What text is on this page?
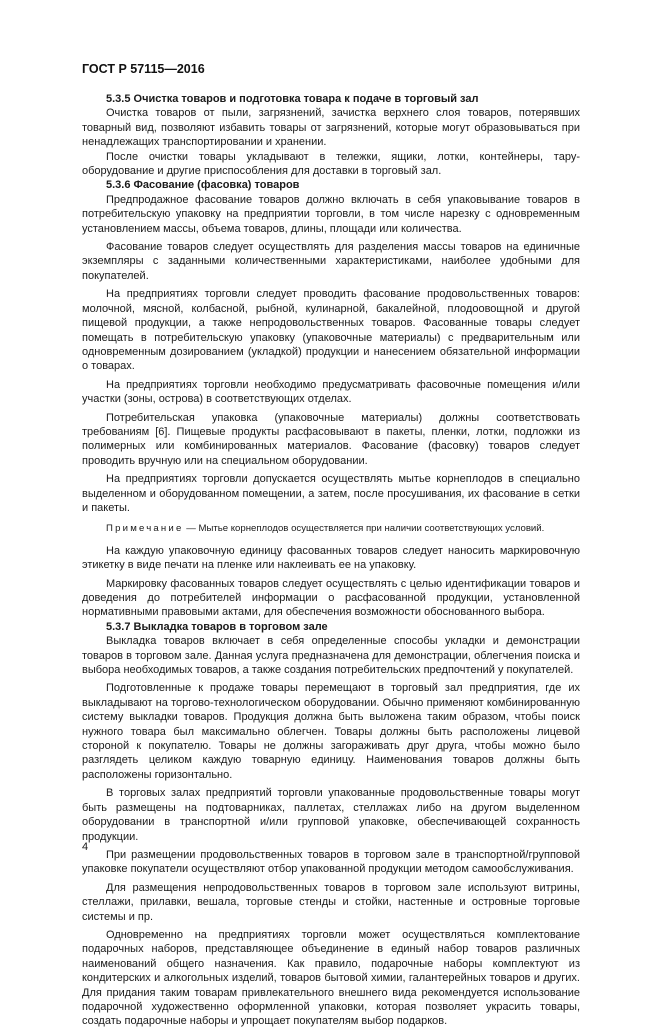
ГОСТ Р 57115—2016
5.3.5 Очистка товаров и подготовка товара к подаче в торговый зал

Очистка товаров от пыли, загрязнений, зачистка верхнего слоя товаров, потерявших товарный вид, позволяют избавить товары от загрязнений, которые могут образовываться при ненадлежащих транспортировании и хранении.

После очистки товары укладывают в тележки, ящики, лотки, контейнеры, тару-оборудование и другие приспособления для доставки в торговый зал.

5.3.6 Фасование (фасовка) товаров

Предпродажное фасование товаров должно включать в себя упаковывание товаров в потребительскую упаковку на предприятии торговли, в том числе нарезку с одновременным установлением массы, объема товаров, длины, площади или количества.

Фасование товаров следует осуществлять для разделения массы товаров на единичные экземпляры с заданными количественными характеристиками, наиболее удобными для покупателей.

На предприятиях торговли следует проводить фасование продовольственных товаров: молочной, мясной, колбасной, рыбной, кулинарной, бакалейной, плодоовощной и другой пищевой продукции, а также непродовольственных товаров. Фасованные товары следует помещать в потребительскую упаковку (упаковочные материалы) с предварительным или одновременным дозированием (укладкой) продукции и нанесением обязательной информации о товарах.

На предприятиях торговли необходимо предусматривать фасовочные помещения и/или участки (зоны, острова) в соответствующих отделах.

Потребительская упаковка (упаковочные материалы) должны соответствовать требованиям [6]. Пищевые продукты расфасовывают в пакеты, пленки, лотки, подложки из полимерных или комбинированных материалов. Фасование (фасовку) товаров следует проводить вручную или на специальном оборудовании.

На предприятиях торговли допускается осуществлять мытье корнеплодов в специально выделенном и оборудованном помещении, а затем, после просушивания, их фасование в сетки и пакеты.

Примечание — Мытье корнеплодов осуществляется при наличии соответствующих условий.

На каждую упаковочную единицу фасованных товаров следует наносить маркировочную этикетку в виде печати на пленке или наклеивать ее на упаковку.

Маркировку фасованных товаров следует осуществлять с целью идентификации товаров и доведения до потребителей информации о расфасованной продукции, установленной нормативными правовыми актами, для обеспечения возможности обоснованного выбора.

5.3.7 Выкладка товаров в торговом зале

Выкладка товаров включает в себя определенные способы укладки и демонстрации товаров в торговом зале. Данная услуга предназначена для демонстрации, облегчения поиска и выбора необходимых товаров, а также создания потребительских предпочтений у покупателей.

Подготовленные к продаже товары перемещают в торговый зал предприятия, где их выкладывают на торгово-технологическом оборудовании. Обычно применяют комбинированную систему выкладки товаров. Продукция должна быть выложена таким образом, чтобы поиск нужного товара был максимально облегчен. Товары должны быть расположены лицевой стороной к покупателю. Товары не должны загораживать друг друга, чтобы можно было разглядеть целиком каждую товарную единицу. Наименования товаров должны быть расположены горизонтально.

В торговых залах предприятий торговли упакованные продовольственные товары могут быть размещены на подтоварниках, паллетах, стеллажах либо на другом выделенном оборудовании в транспортной и/или групповой упаковке, обеспечивающей сохранность продукции.

При размещении продовольственных товаров в торговом зале в транспортной/групповой упаковке покупатели осуществляют отбор упакованной продукции методом самообслуживания.

Для размещения непродовольственных товаров в торговом зале используют витрины, стеллажи, прилавки, вешала, торговые стенды и стойки, настенные и островные торговые системы и пр.

Одновременно на предприятиях торговли может осуществляться комплектование подарочных наборов, представляющее объединение в единый набор товаров различных наименований общего назначения. Как правило, подарочные наборы комплектуют из кондитерских и алкогольных изделий, товаров бытовой химии, галантерейных товаров и других. Для придания таким товарам привлекательного внешнего вида рекомендуется использование подарочной художественно оформленной упаковки, которая позволяет украсить товары, создать подарочные наборы и упрощает покупателям выбор подарков.

4
